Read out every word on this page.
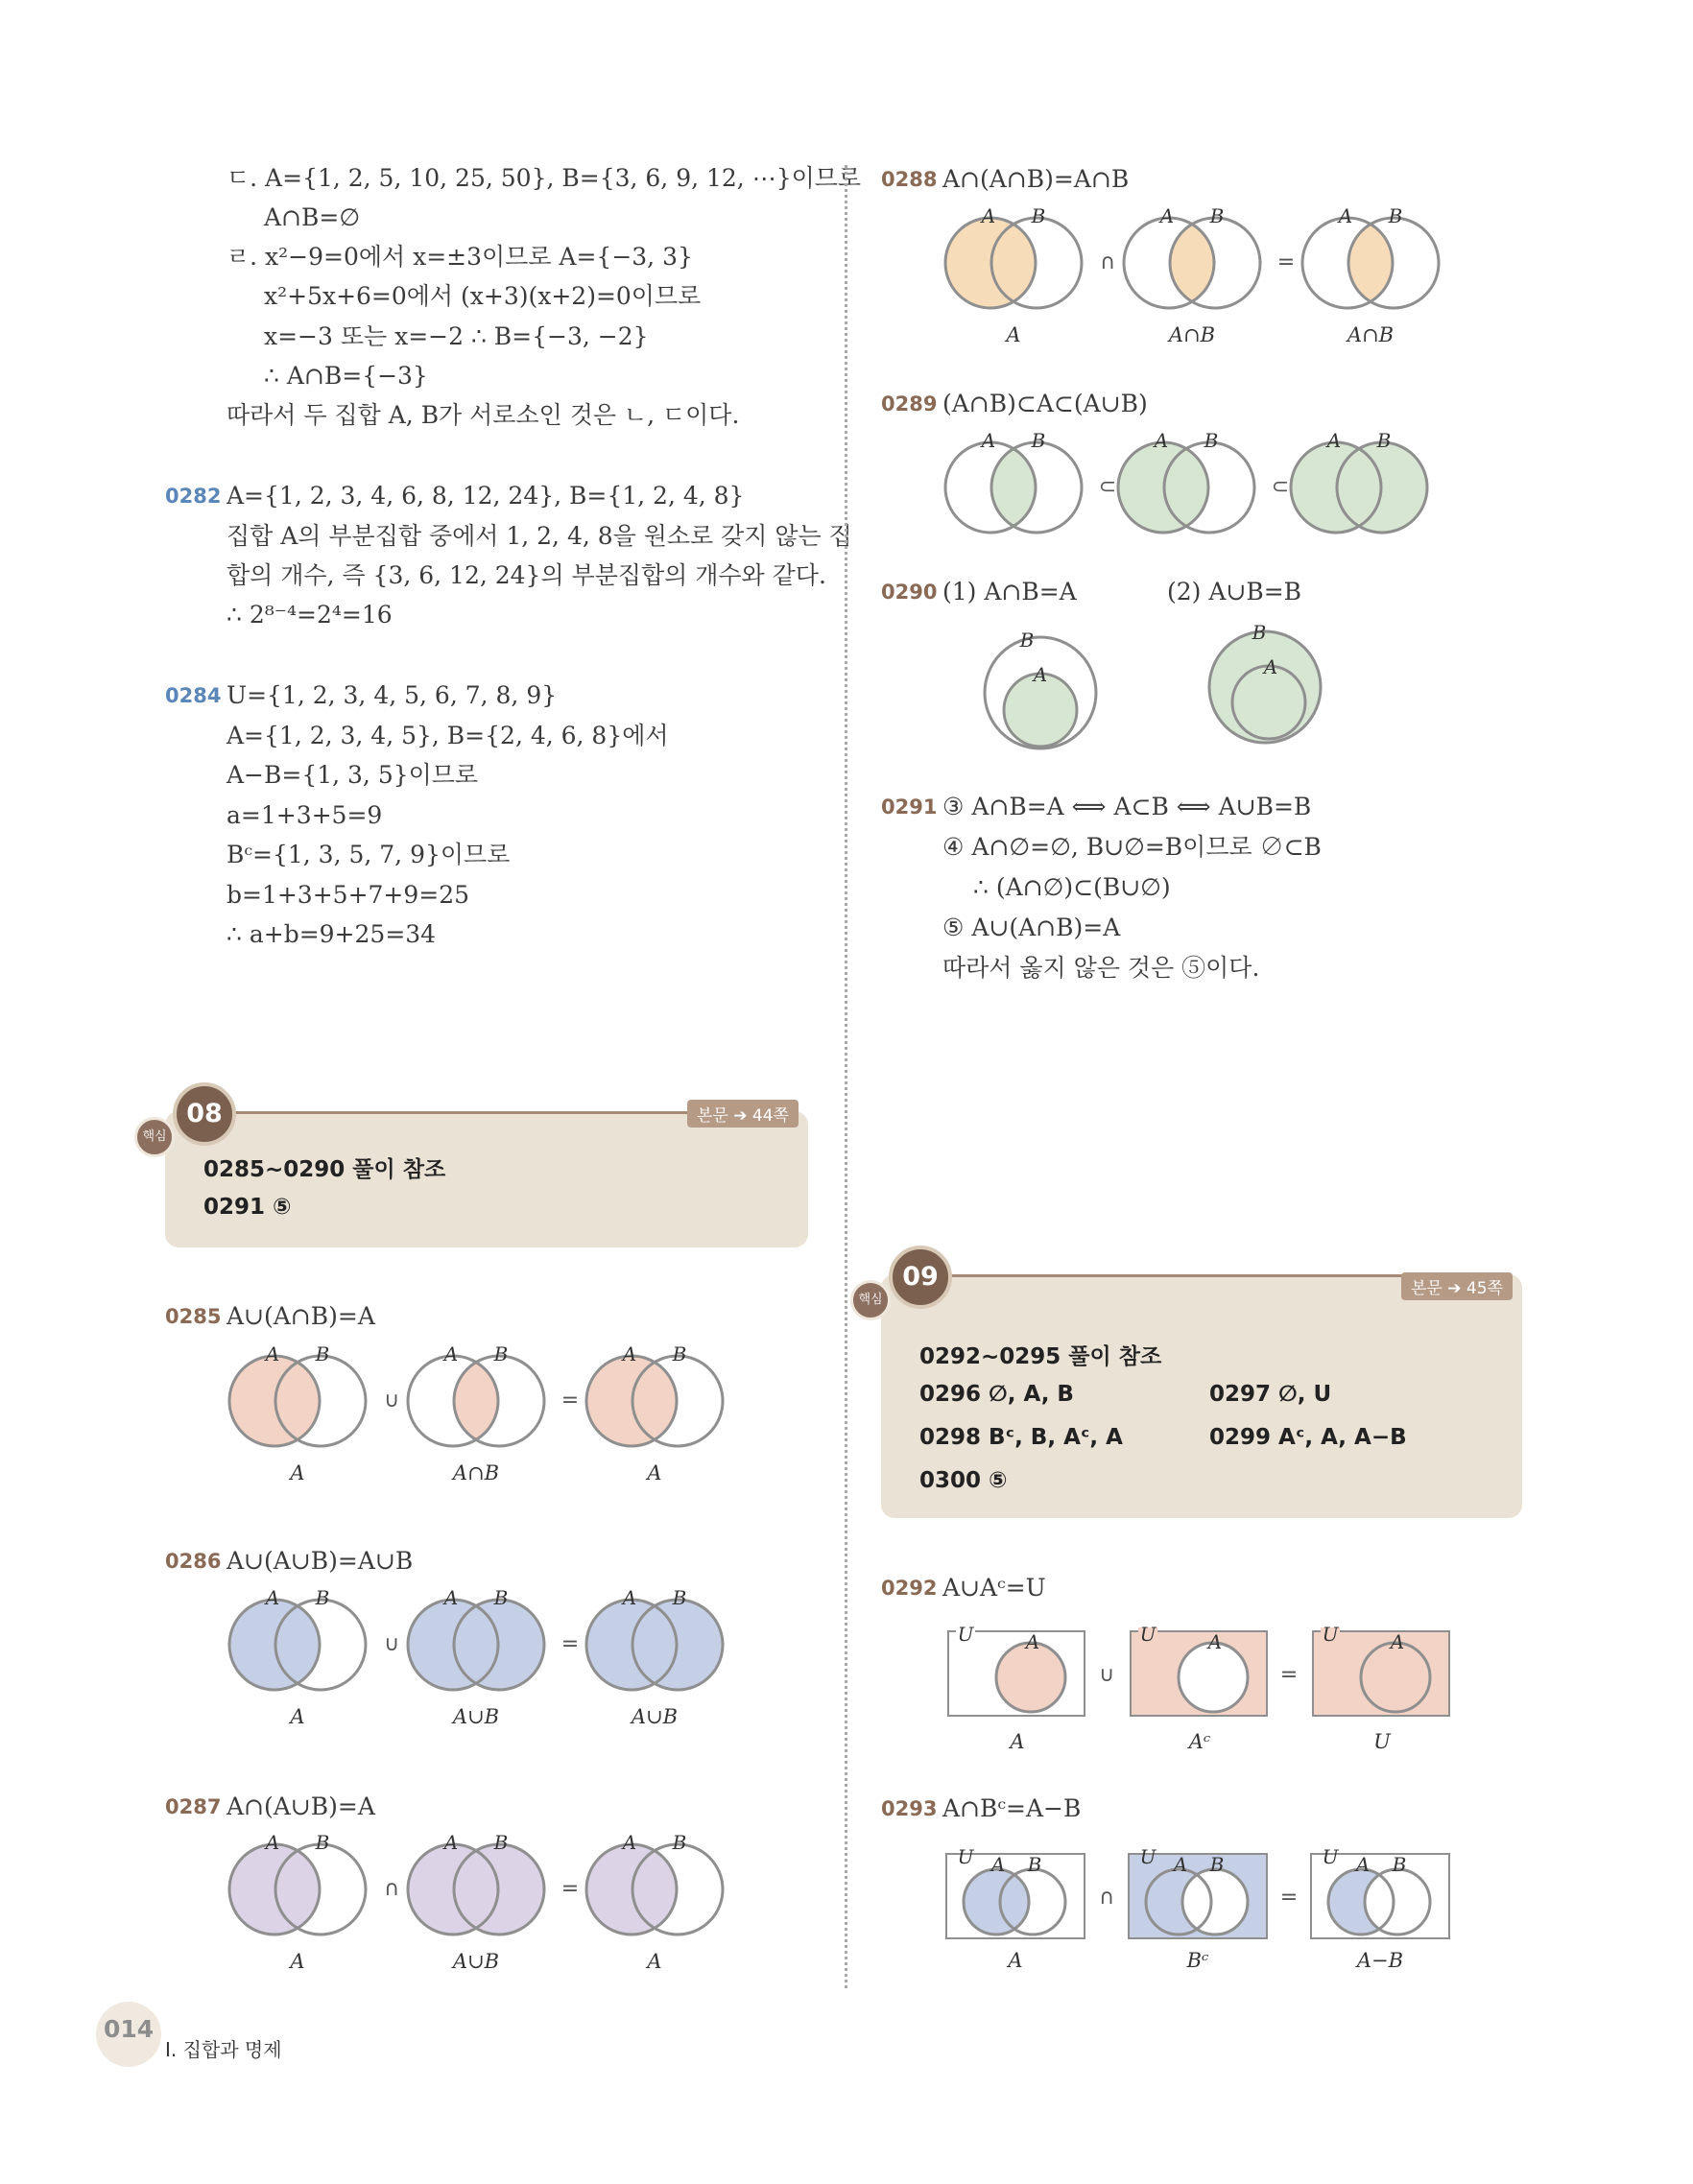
ㄷ. A={1, 2, 5, 10, 25, 50}, B={3, 6, 9, 12, ⋯}이므로
A∩B=∅
ㄹ. x²−9=0에서 x=±3이므로 A={−3, 3}
x²+5x+6=0에서 (x+3)(x+2)=0이므로
x=−3 또는 x=−2 ∴ B={−3, −2}
∴ A∩B={−3}
따라서 두 집합 A, B가 서로소인 것은 ㄴ, ㄷ이다.
0282 A={1, 2, 3, 4, 6, 8, 12, 24}, B={1, 2, 4, 8}
집합 A의 부분집합 중에서 1, 2, 4, 8을 원소로 갖지 않는 집
합의 개수, 즉 {3, 6, 12, 24}의 부분집합의 개수와 같다.
∴ 2⁸⁻⁴=2⁴=16
0284 U={1, 2, 3, 4, 5, 6, 7, 8, 9}
A={1, 2, 3, 4, 5}, B={2, 4, 6, 8}에서
A−B={1, 3, 5}이므로
a=1+3+5=9
Bᶜ={1, 3, 5, 7, 9}이므로
b=1+3+5+7+9=25
∴ a+b=9+25=34
08
핵심
본문 ➔ 44쪽
0285~0290 풀이 참조
0291 ⑤
0285 A∪(A∩B)=A
0286 A∪(A∪B)=A∪B
0287 A∩(A∪B)=A
0288 A∩(A∩B)=A∩B
0289 (A∩B)⊂A⊂(A∪B)
0290 (1) A∩B=A	(2) A∪B=B
0291 ③ A∩B=A ⟺ A⊂B ⟺ A∪B=B
④ A∩∅=∅, B∪∅=B이므로 ∅⊂B
∴ (A∩∅)⊂(B∪∅)
⑤ A∪(A∩B)=A
따라서 옳지 않은 것은 ⑤이다.
09
핵심
본문 ➔ 45쪽
0292~0295 풀이 참조
0296 ∅, A, B	0297 ∅, U
0298 Bᶜ, B, Aᶜ, A	0299 Aᶜ, A, A−B
0300 ⑤
0292 A∪Aᶜ=U
0293 A∩Bᶜ=A−B
A B
A
A B
A∩B
A B
A
∪	=
A B
A
A B
A∪B
A B
A∪B
∪	=
A B
A
A B
A∪B
A B
A
∩	=
A B
A
A B
A∩B
A B
A∩B
∩	=
A B	A B	A B
⊂	⊂
B
A
B
A
U	A
A
U	A
Aᶜ
U	A
U
∪	=
U A B
A
U A B
Bᶜ
U A B
A−B
∩	=
014
I. 집합과 명제
